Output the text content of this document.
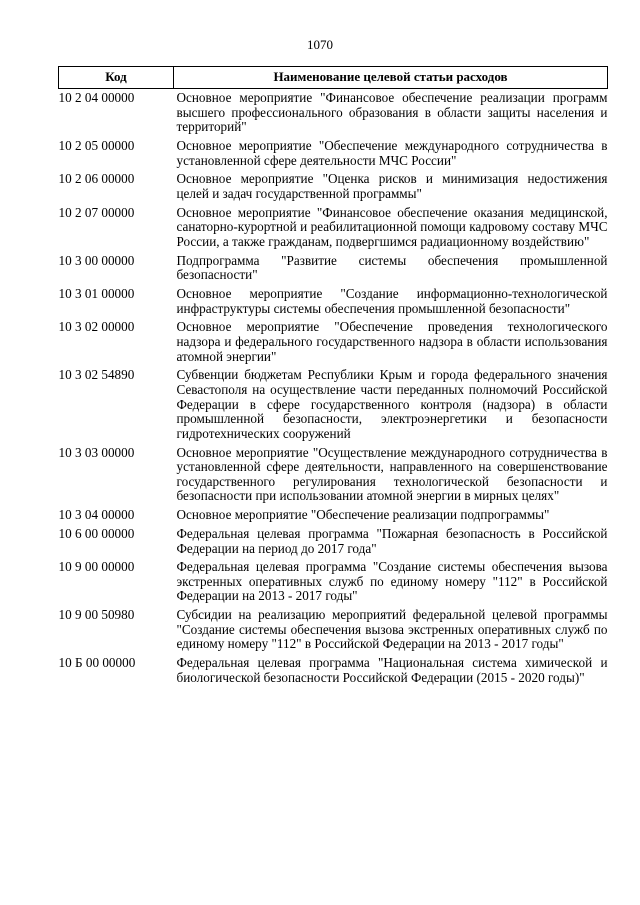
1070
Код	Наименование целевой статьи расходов
10 2 04 00000	Основное мероприятие "Финансовое обеспечение реализации программ высшего профессионального образования в области защиты населения и территорий"
10 2 05 00000	Основное мероприятие "Обеспечение международного сотрудничества в установленной сфере деятельности МЧС России"
10 2 06 00000	Основное мероприятие "Оценка рисков и минимизация недостижения целей и задач государственной программы"
10 2 07 00000	Основное мероприятие "Финансовое обеспечение оказания медицинской, санаторно-курортной и реабилитационной помощи кадровому составу МЧС России, а также гражданам, подвергшимся радиационному воздействию"
10 3 00 00000	Подпрограмма "Развитие системы обеспечения промышленной безопасности"
10 3 01 00000	Основное мероприятие "Создание информационно-технологической инфраструктуры системы обеспечения промышленной безопасности"
10 3 02 00000	Основное мероприятие "Обеспечение проведения технологического надзора и федерального государственного надзора в области использования атомной энергии"
10 3 02 54890	Субвенции бюджетам Республики Крым и города федерального значения Севастополя на осуществление части переданных полномочий Российской Федерации в сфере государственного контроля (надзора) в области промышленной безопасности, электроэнергетики и безопасности гидротехнических сооружений
10 3 03 00000	Основное мероприятие "Осуществление международного сотрудничества в установленной сфере деятельности, направленного на совершенствование государственного регулирования технологической безопасности и безопасности при использовании атомной энергии в мирных целях"
10 3 04 00000	Основное мероприятие "Обеспечение реализации подпрограммы"
10 6 00 00000	Федеральная целевая программа "Пожарная безопасность в Российской Федерации на период до 2017 года"
10 9 00 00000	Федеральная целевая программа "Создание системы обеспечения вызова экстренных оперативных служб по единому номеру "112" в Российской Федерации на 2013 - 2017 годы"
10 9 00 50980	Субсидии на реализацию мероприятий федеральной целевой программы "Создание системы обеспечения вызова экстренных оперативных служб по единому номеру "112" в Российской Федерации на 2013 - 2017 годы"
10 Б 00 00000	Федеральная целевая программа "Национальная система химической и биологической безопасности Российской Федерации (2015 - 2020 годы)"
